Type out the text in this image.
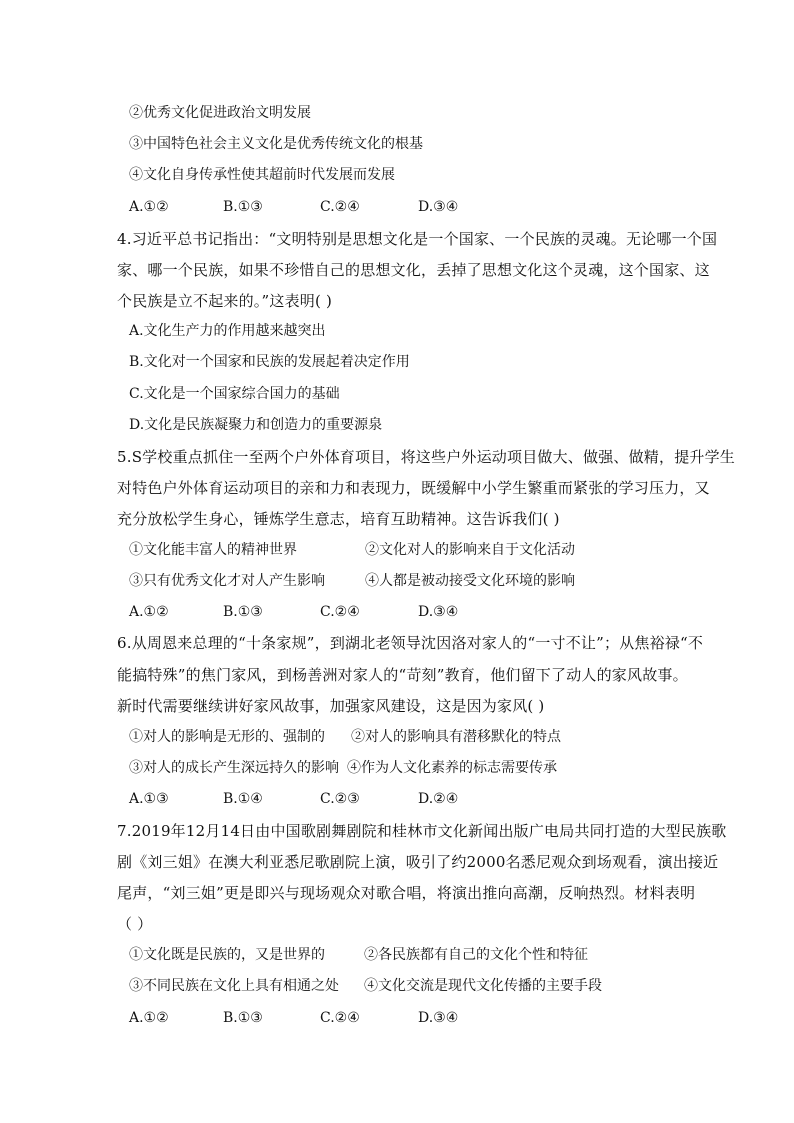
②优秀文化促进政治文明发展
③中国特色社会主义文化是优秀传统文化的根基
④文化自身传承性使其超前时代发展而发展
A.①②	B.①③	C.②④	D.③④
4.习近平总书记指出：“文明特别是思想文化是一个国家、一个民族的灵魂。无论哪一个国
家、哪一个民族，如果不珍惜自己的思想文化，丢掉了思想文化这个灵魂，这个国家、这
个民族是立不起来的。”这表明( )
A.文化生产力的作用越来越突出
B.文化对一个国家和民族的发展起着决定作用
C.文化是一个国家综合国力的基础
D.文化是民族凝聚力和创造力的重要源泉
5.S学校重点抓住一至两个户外体育项目，将这些户外运动项目做大、做强、做精，提升学生
对特色户外体育运动项目的亲和力和表现力，既缓解中小学生繁重而紧张的学习压力，又
充分放松学生身心，锤炼学生意志，培育互助精神。这告诉我们( )
①文化能丰富人的精神世界	②文化对人的影响来自于文化活动
③只有优秀文化才对人产生影响	④人都是被动接受文化环境的影响
A.①②	B.①③	C.②④	D.③④
6.从周恩来总理的“十条家规”，到湖北老领导沈因洛对家人的“一寸不让”；从焦裕禄“不
能搞特殊”的焦门家风，到杨善洲对家人的“苛刻”教育，他们留下了动人的家风故事。
新时代需要继续讲好家风故事，加强家风建设，这是因为家风( )
①对人的影响是无形的、强制的 ②对人的影响具有潜移默化的特点
③对人的成长产生深远持久的影响 ④作为人文化素养的标志需要传承
A.①③	B.①④	C.②③	D.②④
7.2019年12月14日由中国歌剧舞剧院和桂林市文化新闻出版广电局共同打造的大型民族歌
剧《刘三姐》在澳大利亚悉尼歌剧院上演，吸引了约2000名悉尼观众到场观看，演出接近
尾声，“刘三姐”更是即兴与现场观众对歌合唱，将演出推向高潮，反响热烈。材料表明
（ ）
①文化既是民族的，又是世界的	②各民族都有自己的文化个性和特征
③不同民族在文化上具有相通之处 ④文化交流是现代文化传播的主要手段
A.①②	B.①③	C.②④	D.③④
